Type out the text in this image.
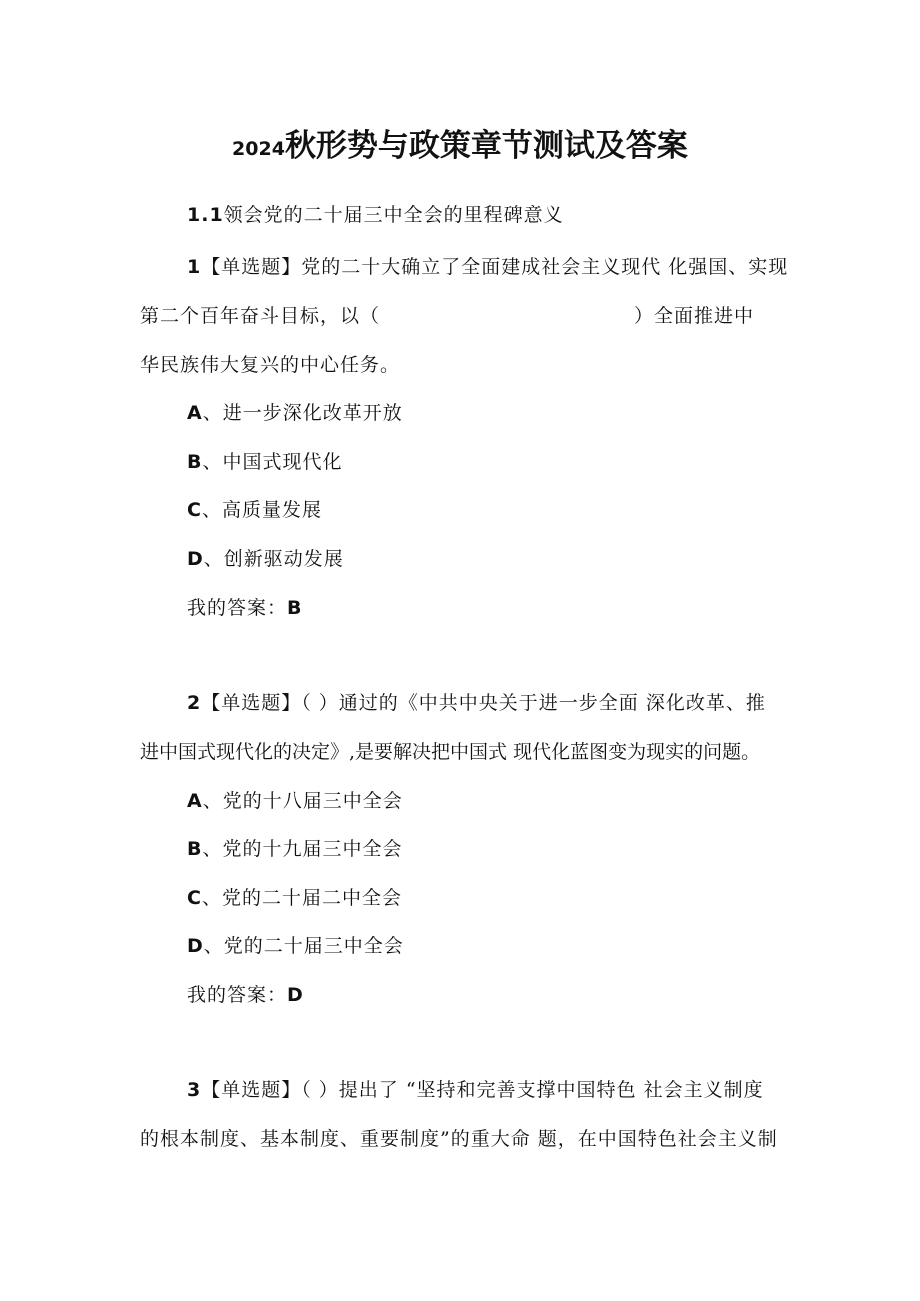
2024秋形势与政策章节测试及答案
1.1领会党的二十届三中全会的里程碑意义
1【单选题】党的二十大确立了全面建成社会主义现代 化强国、实现
第二个百年奋斗目标，以（	）全面推进中
华民族伟大复兴的中心任务。
A、进一步深化改革开放
B、中国式现代化
C、高质量发展
D、创新驱动发展
我的答案：B
2【单选题】（ ）通过的《中共中央关于进一步全面 深化改革、推
进中国式现代化的决定》,是要解决把中国式 现代化蓝图变为现实的问题。
A、党的十八届三中全会
B、党的十九届三中全会
C、党的二十届二中全会
D、党的二十届三中全会
我的答案：D
3【单选题】（ ）提出了 “坚持和完善支撑中国特色 社会主义制度
的根本制度、基本制度、重要制度”的重大命 题，在中国特色社会主义制
